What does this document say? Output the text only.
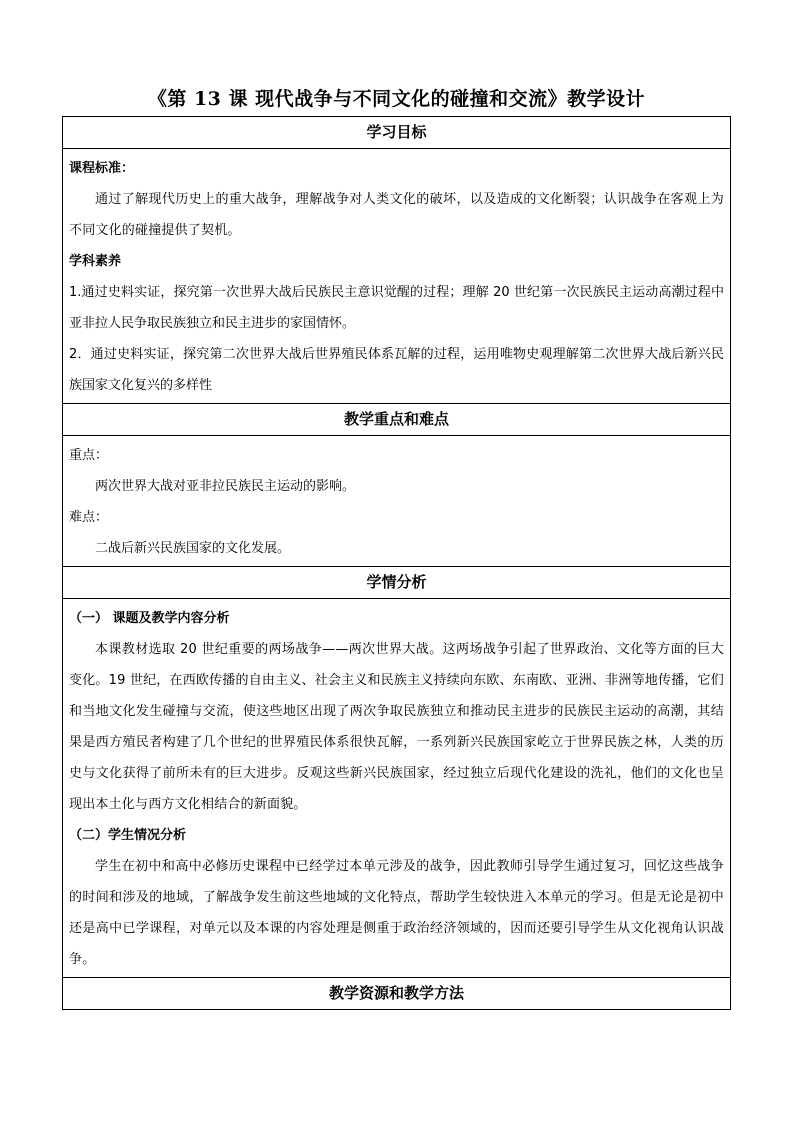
《第 13 课 现代战争与不同文化的碰撞和交流》教学设计
学习目标
课程标准：
通过了解现代历史上的重大战争，理解战争对人类文化的破坏，以及造成的文化断裂；认识战争在客观上为不同文化的碰撞提供了契机。
学科素养
1.通过史料实证，探究第一次世界大战后民族民主意识觉醒的过程；理解 20 世纪第一次民族民主运动高潮过程中亚非拉人民争取民族独立和民主进步的家国情怀。
2．通过史料实证，探究第二次世界大战后世界殖民体系瓦解的过程，运用唯物史观理解第二次世界大战后新兴民族国家文化复兴的多样性
教学重点和难点
重点：
两次世界大战对亚非拉民族民主运动的影响。
难点：
二战后新兴民族国家的文化发展。
学情分析
（一） 课题及教学内容分析
本课教材选取 20 世纪重要的两场战争——两次世界大战。这两场战争引起了世界政治、文化等方面的巨大变化。19 世纪，在西欧传播的自由主义、社会主义和民族主义持续向东欧、东南欧、亚洲、非洲等地传播，它们和当地文化发生碰撞与交流，使这些地区出现了两次争取民族独立和推动民主进步的民族民主运动的高潮，其结果是西方殖民者构建了几个世纪的世界殖民体系很快瓦解，一系列新兴民族国家屹立于世界民族之林，人类的历史与文化获得了前所未有的巨大进步。反观这些新兴民族国家，经过独立后现代化建设的洗礼，他们的文化也呈现出本土化与西方文化相结合的新面貌。
（二）学生情况分析
学生在初中和高中必修历史课程中已经学过本单元涉及的战争，因此教师引导学生通过复习，回忆这些战争的时间和涉及的地域，了解战争发生前这些地域的文化特点，帮助学生较快进入本单元的学习。但是无论是初中还是高中已学课程，对单元以及本课的内容处理是侧重于政治经济领域的，因而还要引导学生从文化视角认识战争。
教学资源和教学方法
